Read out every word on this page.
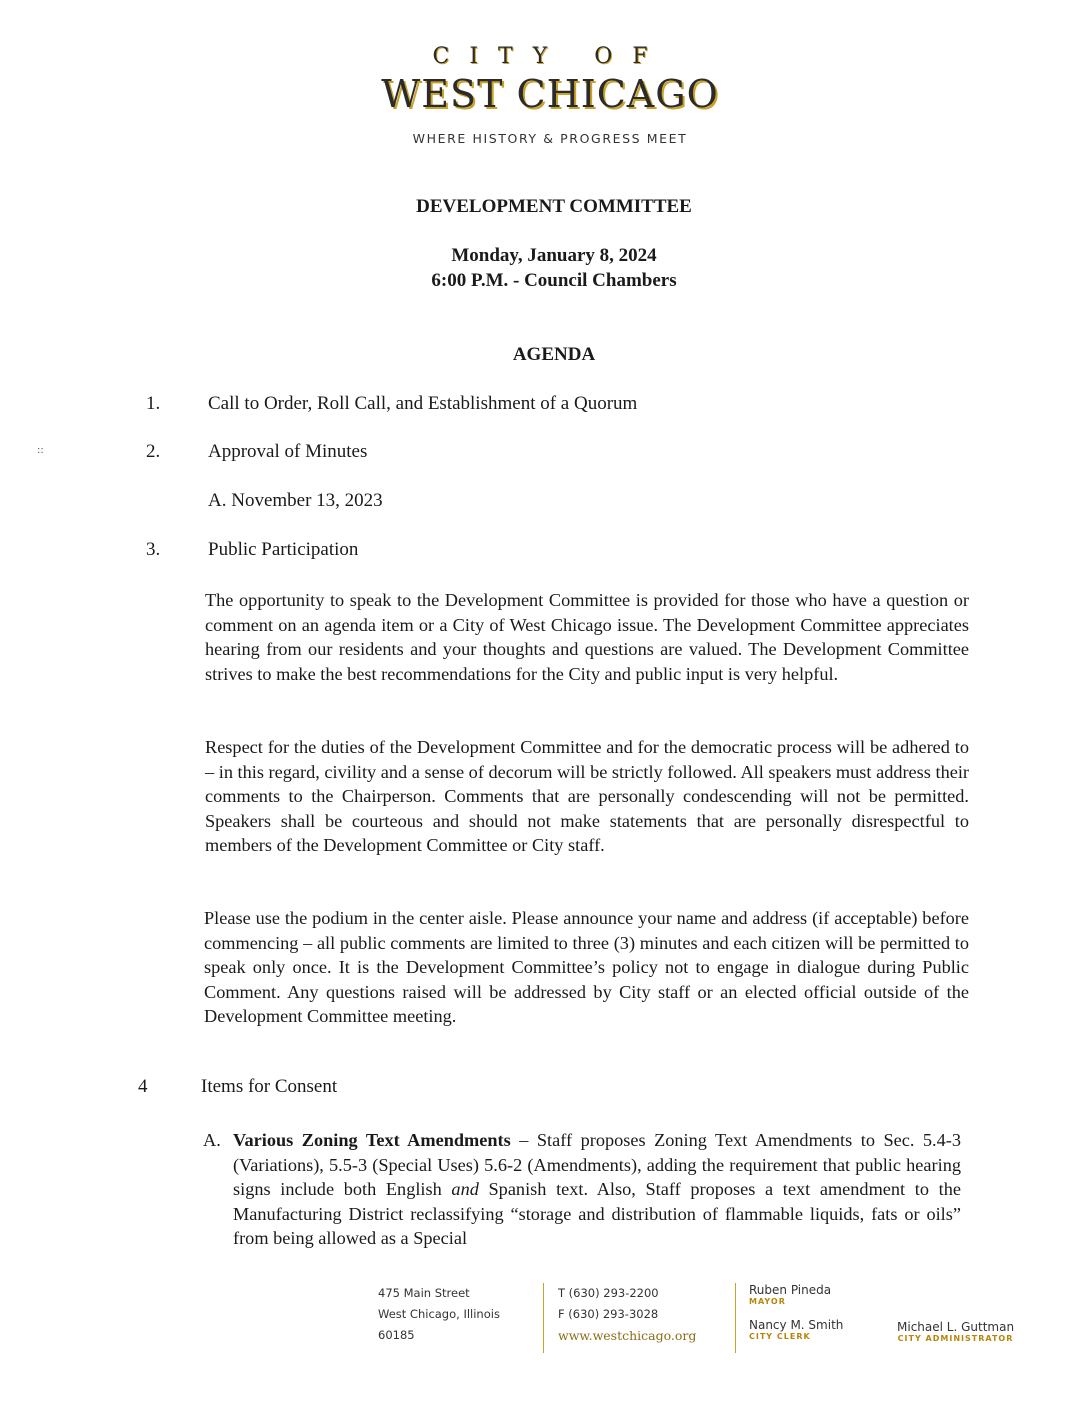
CITY OF
WEST CHICAGO
WHERE HISTORY & PROGRESS MEET
DEVELOPMENT COMMITTEE
Monday, January 8, 2024
6:00 P.M. - Council Chambers
AGENDA
::
1.	Call to Order, Roll Call, and Establishment of a Quorum
2.	Approval of Minutes
A. November 13, 2023
3.	Public Participation
The opportunity to speak to the Development Committee is provided for those who have a question or comment on an agenda item or a City of West Chicago issue. The Development Committee appreciates hearing from our residents and your thoughts and questions are valued. The Development Committee strives to make the best recommendations for the City and public input is very helpful.
Respect for the duties of the Development Committee and for the democratic process will be adhered to – in this regard, civility and a sense of decorum will be strictly followed. All speakers must address their comments to the Chairperson. Comments that are personally condescending will not be permitted. Speakers shall be courteous and should not make statements that are personally disrespectful to members of the Development Committee or City staff.
Please use the podium in the center aisle. Please announce your name and address (if acceptable) before commencing – all public comments are limited to three (3) minutes and each citizen will be permitted to speak only once. It is the Development Committee’s policy not to engage in dialogue during Public Comment. Any questions raised will be addressed by City staff or an elected official outside of the Development Committee meeting.
4	Items for Consent
A. Various Zoning Text Amendments – Staff proposes Zoning Text Amendments to Sec. 5.4-3 (Variations), 5.5-3 (Special Uses) 5.6-2 (Amendments), adding the requirement that public hearing signs include both English and Spanish text. Also, Staff proposes a text amendment to the Manufacturing District reclassifying “storage and distribution of flammable liquids, fats or oils” from being allowed as a Special
475 Main Street
West Chicago, Illinois
60185
T (630) 293-2200
F (630) 293-3028
www.westchicago.org
Ruben Pineda
MAYOR
Nancy M. Smith
CITY CLERK
Michael L. Guttman
CITY ADMINISTRATOR
